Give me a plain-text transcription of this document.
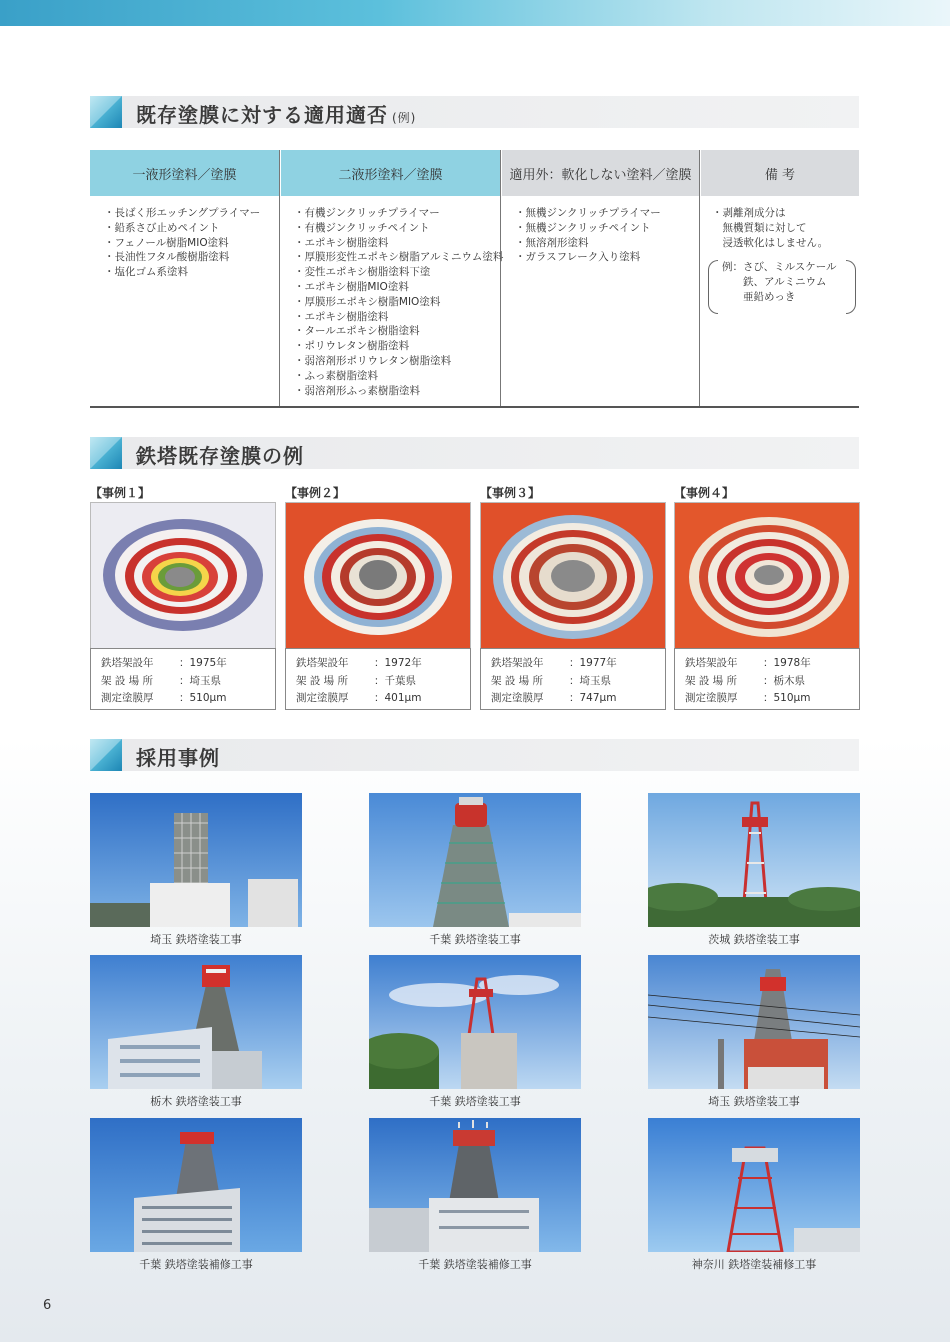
既存塗膜に対する適用適否 (例)
一液形塗料／塗膜
・長ばく形エッチングプライマー
・鉛系さび止めペイント
・フェノール樹脂MIO塗料
・長油性フタル酸樹脂塗料
・塩化ゴム系塗料
二液形塗料／塗膜
・有機ジンクリッチプライマー
・有機ジンクリッチペイント
・エポキシ樹脂塗料
・厚膜形変性エポキシ樹脂アルミニウム塗料
・変性エポキシ樹脂塗料下塗
・エポキシ樹脂MIO塗料
・厚膜形エポキシ樹脂MIO塗料
・エポキシ樹脂塗料
・タールエポキシ樹脂塗料
・ポリウレタン樹脂塗料
・弱溶剤形ポリウレタン樹脂塗料
・ふっ素樹脂塗料
・弱溶剤形ふっ素樹脂塗料
適用外：軟化しない塗料／塗膜
・無機ジンクリッチプライマー
・無機ジンクリッチペイント
・無溶剤形塗料
・ガラスフレーク入り塗料
備 考
・剥離剤成分は
　無機質類に対して
　浸透軟化はしません。
例：さび、ミルスケール
　　鉄、アルミニウム
　　亜鉛めっき
鉄塔既存塗膜の例
【事例１】
鉄塔架設年	：1975年
架 設 場 所	：埼玉県
測定塗膜厚	：510μm
【事例２】
鉄塔架設年	：1972年
架 設 場 所	：千葉県
測定塗膜厚	：401μm
【事例３】
鉄塔架設年	：1977年
架 設 場 所	：埼玉県
測定塗膜厚	：747μm
【事例４】
鉄塔架設年	：1978年
架 設 場 所	：栃木県
測定塗膜厚	：510μm
採用事例
埼玉 鉄塔塗装工事	千葉 鉄塔塗装工事	茨城 鉄塔塗装工事
栃木 鉄塔塗装工事	千葉 鉄塔塗装工事	埼玉 鉄塔塗装工事
千葉 鉄塔塗装補修工事	千葉 鉄塔塗装補修工事	神奈川 鉄塔塗装補修工事
6
